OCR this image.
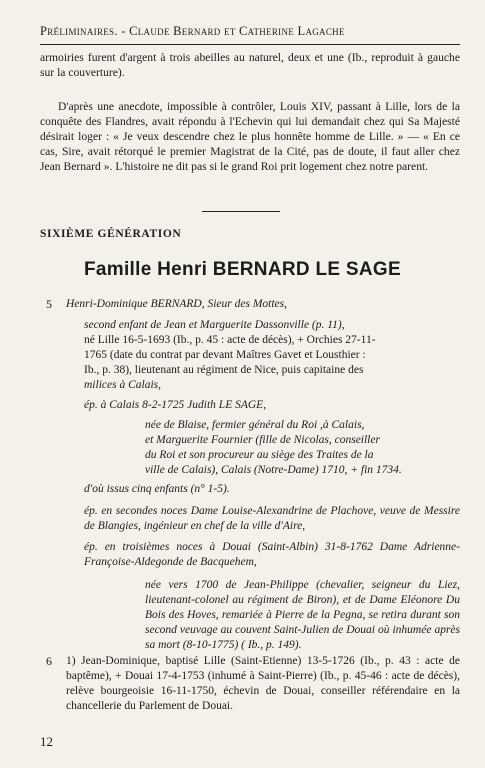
Préliminaires. - Claude Bernard et Catherine Lagache

armoiries furent d'argent à trois abeilles au naturel, deux et une (Ib., reproduit à gauche sur la couverture).

D'après une anecdote, impossible à contrôler, Louis XIV, passant à Lille, lors de la conquête des Flandres, avait répondu à l'Echevin qui lui demandait chez qui Sa Majesté désirait loger : « Je veux descendre chez le plus honnête homme de Lille. » — « En ce cas, Sire, avait rétorqué le premier Magistrat de la Cité, pas de doute, il faut aller chez Jean Bernard ». L'histoire ne dit pas si le grand Roi prit logement chez notre parent.

SIXIÈME GÉNÉRATION
Famille Henri BERNARD LE SAGE
5 Henri-Dominique BERNARD, Sieur des Mottes,
second enfant de Jean et Marguerite Dassonville (p. 11),
né Lille 16-5-1693 (Ib., p. 45 : acte de décès), + Orchies 27-11-
1765 (date du contrat par devant Maîtres Gavet et Lousthier :
Ib., p. 38), lieutenant au régiment de Nice, puis capitaine des
milices à Calais,
ép. à Calais 8-2-1725 Judith LE SAGE,
née de Blaise, fermier général du Roi ,à Calais,
et Marguerite Fournier (fille de Nicolas, conseiller
du Roi et son procureur au siège des Traites de la
ville de Calais), Calais (Notre-Dame) 1710, + fin 1734.
d'où issus cinq enfants (n° 1-5).
ép. en secondes noces Dame Louise-Alexandrine de Plachove, veuve de Messire de Blangies, ingénieur en chef de la ville d'Aire,
ép. en troisièmes noces à Douai (Saint-Albin) 31-8-1762 Dame Adrienne-Françoise-Aldegonde de Bacquehem,
née vers 1700 de Jean-Philippe (chevalier, seigneur du Liez, lieutenant-colonel au régiment de Biron), et de Dame Eléonore Du Bois des Hoves, remariée à Pierre de la Pegna, se retira durant son second veuvage au couvent Saint-Julien de Douai où inhumée après sa mort (8-10-1775) ( Ib., p. 149).
6 1) Jean-Dominique, baptisé Lille (Saint-Etienne) 13-5-1726 (Ib., p. 43 : acte de baptême), + Douai 17-4-1753 (inhumé à Saint-Pierre) (Ib., p. 45-46 : acte de décès), relève bourgeoisie 16-11-1750, échevin de Douai, conseiller référendaire en la chancellerie du Parlement de Douai.
12
